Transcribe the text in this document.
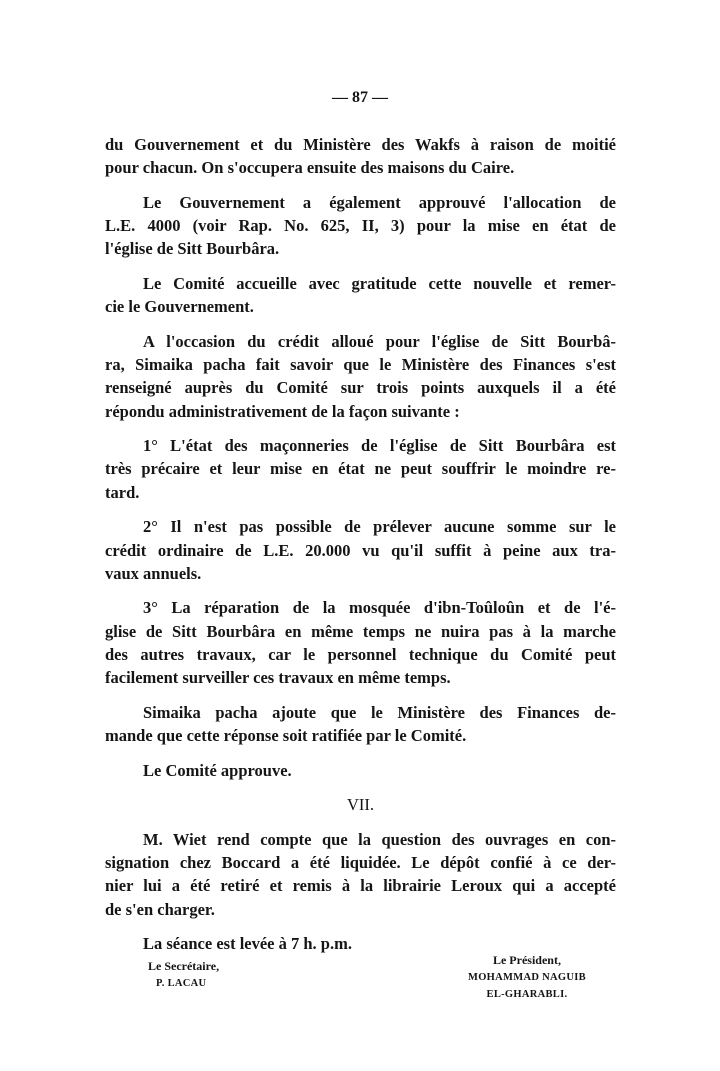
— 87 —
du Gouvernement et du Ministère des Wakfs à raison de moitié
pour chacun. On s'occupera ensuite des maisons du Caire.
Le Gouvernement a également approuvé l'allocation de
L.E. 4000 (voir Rap. No. 625, II, 3) pour la mise en état de
l'église de Sitt Bourbâra.
Le Comité accueille avec gratitude cette nouvelle et remer-
cie le Gouvernement.
A l'occasion du crédit alloué pour l'église de Sitt Bourbâ-
ra, Simaika pacha fait savoir que le Ministère des Finances s'est
renseigné auprès du Comité sur trois points auxquels il a été
répondu administrativement de la façon suivante :
1° L'état des maçonneries de l'église de Sitt Bourbâra est
très précaire et leur mise en état ne peut souffrir le moindre re-
tard.
2° Il n'est pas possible de prélever aucune somme sur le
crédit ordinaire de L.E. 20.000 vu qu'il suffit à peine aux tra-
vaux annuels.
3° La réparation de la mosquée d'ibn-Toûloûn et de l'é-
glise de Sitt Bourbâra en même temps ne nuira pas à la marche
des autres travaux, car le personnel technique du Comité peut
facilement surveiller ces travaux en même temps.
Simaika pacha ajoute que le Ministère des Finances de-
mande que cette réponse soit ratifiée par le Comité.
Le Comité approuve.
VII.
M. Wiet rend compte que la question des ouvrages en con-
signation chez Boccard a été liquidée. Le dépôt confié à ce der-
nier lui a été retiré et remis à la librairie Leroux qui a accepté
de s'en charger.
La séance est levée à 7 h. p.m.
Le Secrétaire,
P. LACAU
Le Président,
MOHAMMAD NAGUIB
EL-GHARABLI.
